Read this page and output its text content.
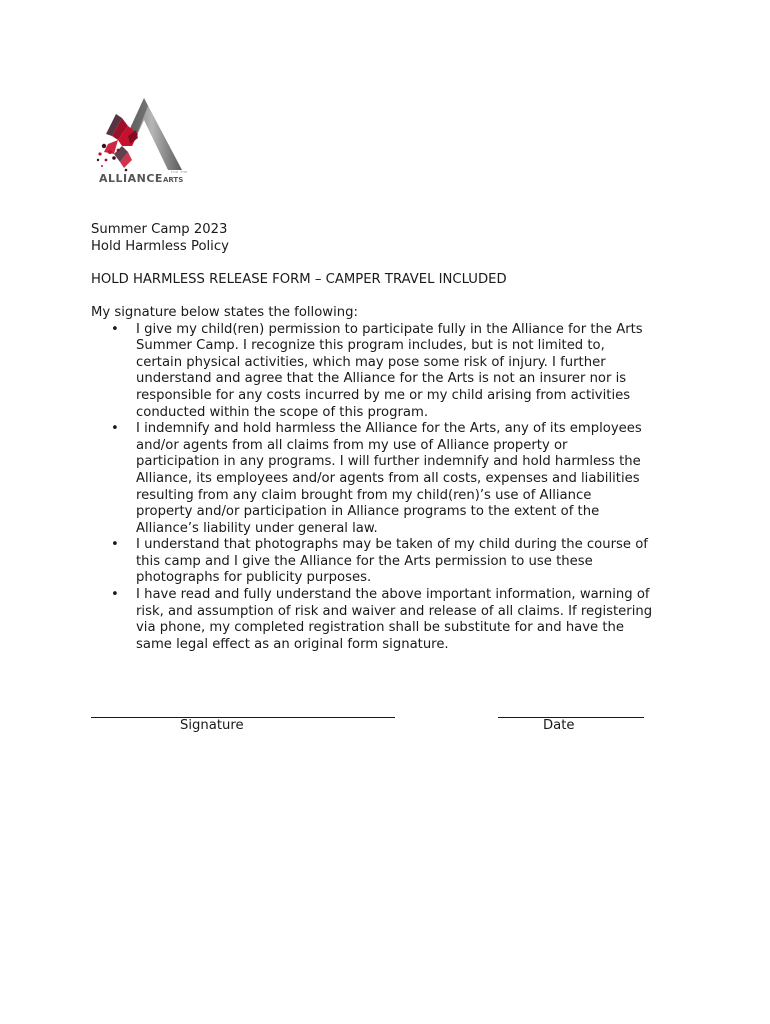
ALLIANCEARTS
FOR THE

Summer Camp 2023

Hold Harmless Policy

HOLD HARMLESS RELEASE FORM – CAMPER TRAVEL INCLUDED

My signature below states the following:

• I give my child(ren) permission to participate fully in the Alliance for the Arts
Summer Camp. I recognize this program includes, but is not limited to,
certain physical activities, which may pose some risk of injury. I further
understand and agree that the Alliance for the Arts is not an insurer nor is
responsible for any costs incurred by me or my child arising from activities
conducted within the scope of this program.
• I indemnify and hold harmless the Alliance for the Arts, any of its employees
and/or agents from all claims from my use of Alliance property or
participation in any programs. I will further indemnify and hold harmless the
Alliance, its employees and/or agents from all costs, expenses and liabilities
resulting from any claim brought from my child(ren)’s use of Alliance
property and/or participation in Alliance programs to the extent of the
Alliance’s liability under general law.
• I understand that photographs may be taken of my child during the course of
this camp and I give the Alliance for the Arts permission to use these
photographs for publicity purposes.
• I have read and fully understand the above important information, warning of
risk, and assumption of risk and waiver and release of all claims. If registering
via phone, my completed registration shall be substitute for and have the
same legal effect as an original form signature.
Signature	Date
